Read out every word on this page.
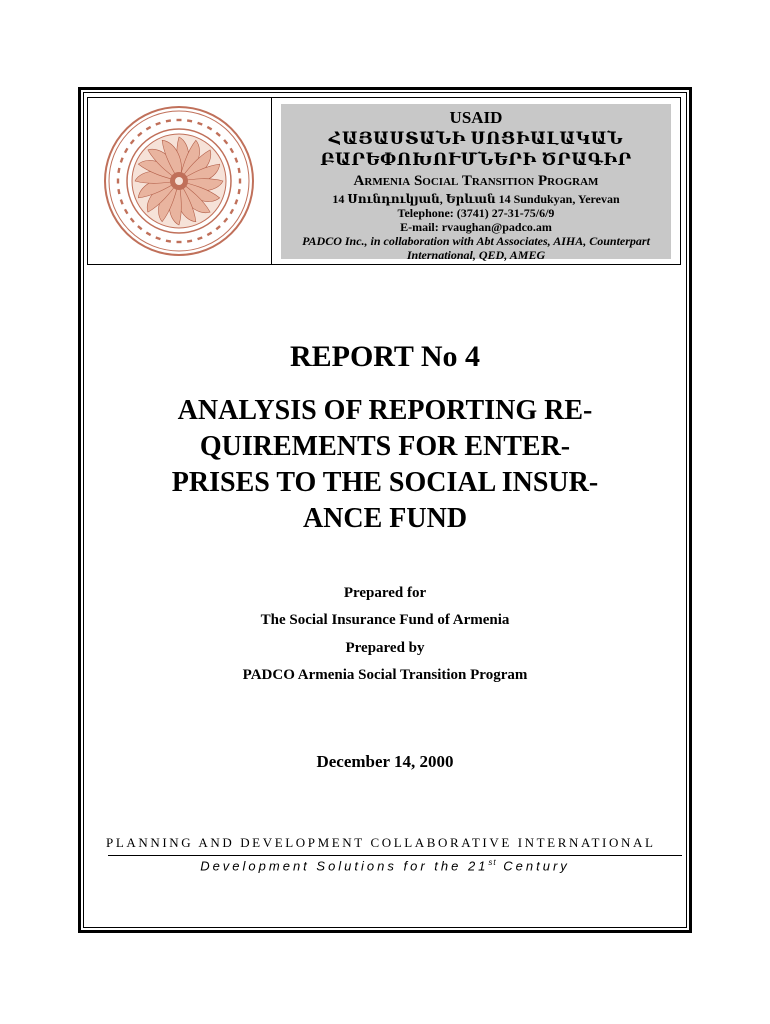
USAID
ՀԱՅԱՍՏԱՆԻ ՍՈՑԻԱԼԱԿԱՆ
ԲԱՐԵՓՈԽՈՒՄՆԵՐԻ ԾՐԱԳԻՐ
Armenia Social Transition Program
14 Սունդուկյան, Երևան 14 Sundukyan, Yerevan
Telephone: (3741) 27-31-75/6/9
E-mail: rvaughan@padco.am
PADCO Inc., in collaboration with Abt Associates, AIHA, Counterpart
International, QED, AMEG
REPORT No 4
ANALYSIS OF REPORTING RE-
QUIREMENTS FOR ENTER-
PRISES TO THE SOCIAL INSUR-
ANCE FUND
Prepared for
The Social Insurance Fund of Armenia
Prepared by
PADCO Armenia Social Transition Program
December 14, 2000
PLANNING AND DEVELOPMENT COLLABORATIVE INTERNATIONAL
Development Solutions for the 21st Century
